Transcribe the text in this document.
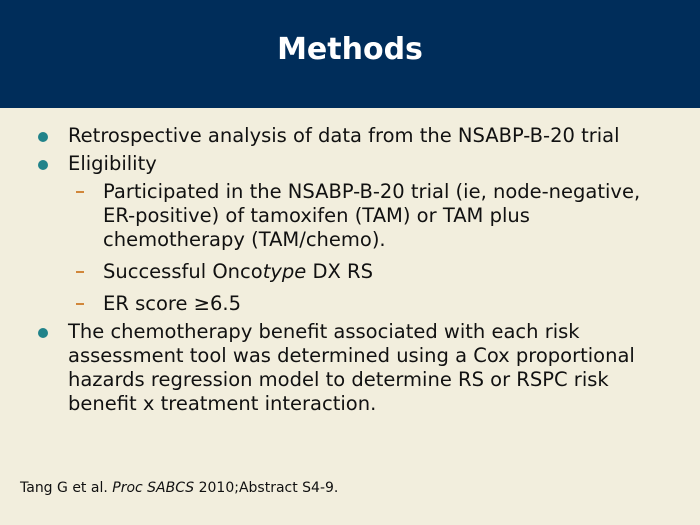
Methods
Retrospective analysis of data from the NSABP-B-20 trial
Eligibility
Participated in the NSABP-B-20 trial (ie, node-negative,
ER-positive) of tamoxifen (TAM) or TAM plus
chemotherapy (TAM/chemo).
Successful Oncotype DX RS
ER score ≥6.5
The chemotherapy benefit associated with each risk
assessment tool was determined using a Cox proportional
hazards regression model to determine RS or RSPC risk
benefit x treatment interaction.
Tang G et al. Proc SABCS 2010;Abstract S4-9.
